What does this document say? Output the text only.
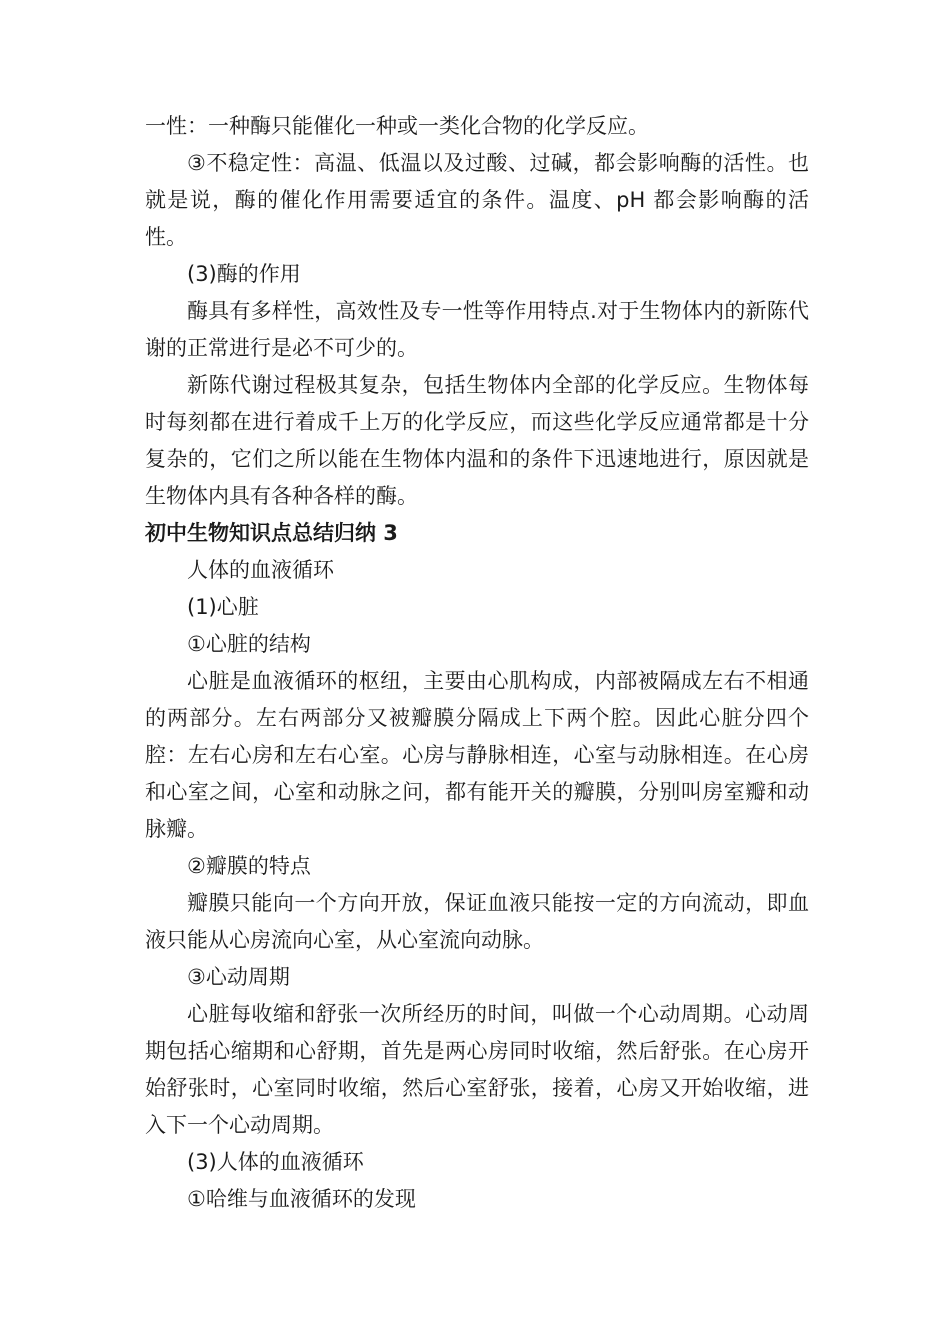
一性：一种酶只能催化一种或一类化合物的化学反应。

③不稳定性：高温、低温以及过酸、过碱，都会影响酶的活性。也就是说，酶的催化作用需要适宜的条件。温度、pH 都会影响酶的活性。

(3)酶的作用

酶具有多样性，高效性及专一性等作用特点.对于生物体内的新陈代谢的正常进行是必不可少的。

新陈代谢过程极其复杂，包括生物体内全部的化学反应。生物体每时每刻都在进行着成千上万的化学反应，而这些化学反应通常都是十分复杂的，它们之所以能在生物体内温和的条件下迅速地进行，原因就是生物体内具有各种各样的酶。

初中生物知识点总结归纳 3

人体的血液循环

(1)心脏

①心脏的结构

心脏是血液循环的枢纽，主要由心肌构成，内部被隔成左右不相通的两部分。左右两部分又被瓣膜分隔成上下两个腔。因此心脏分四个腔：左右心房和左右心室。心房与静脉相连，心室与动脉相连。在心房和心室之间，心室和动脉之问，都有能开关的瓣膜，分别叫房室瓣和动脉瓣。

②瓣膜的特点

瓣膜只能向一个方向开放，保证血液只能按一定的方向流动，即血液只能从心房流向心室，从心室流向动脉。

③心动周期

心脏每收缩和舒张一次所经历的时间，叫做一个心动周期。心动周期包括心缩期和心舒期，首先是两心房同时收缩，然后舒张。在心房开始舒张时，心室同时收缩，然后心室舒张，接着，心房又开始收缩，进入下一个心动周期。

(3)人体的血液循环

①哈维与血液循环的发现
